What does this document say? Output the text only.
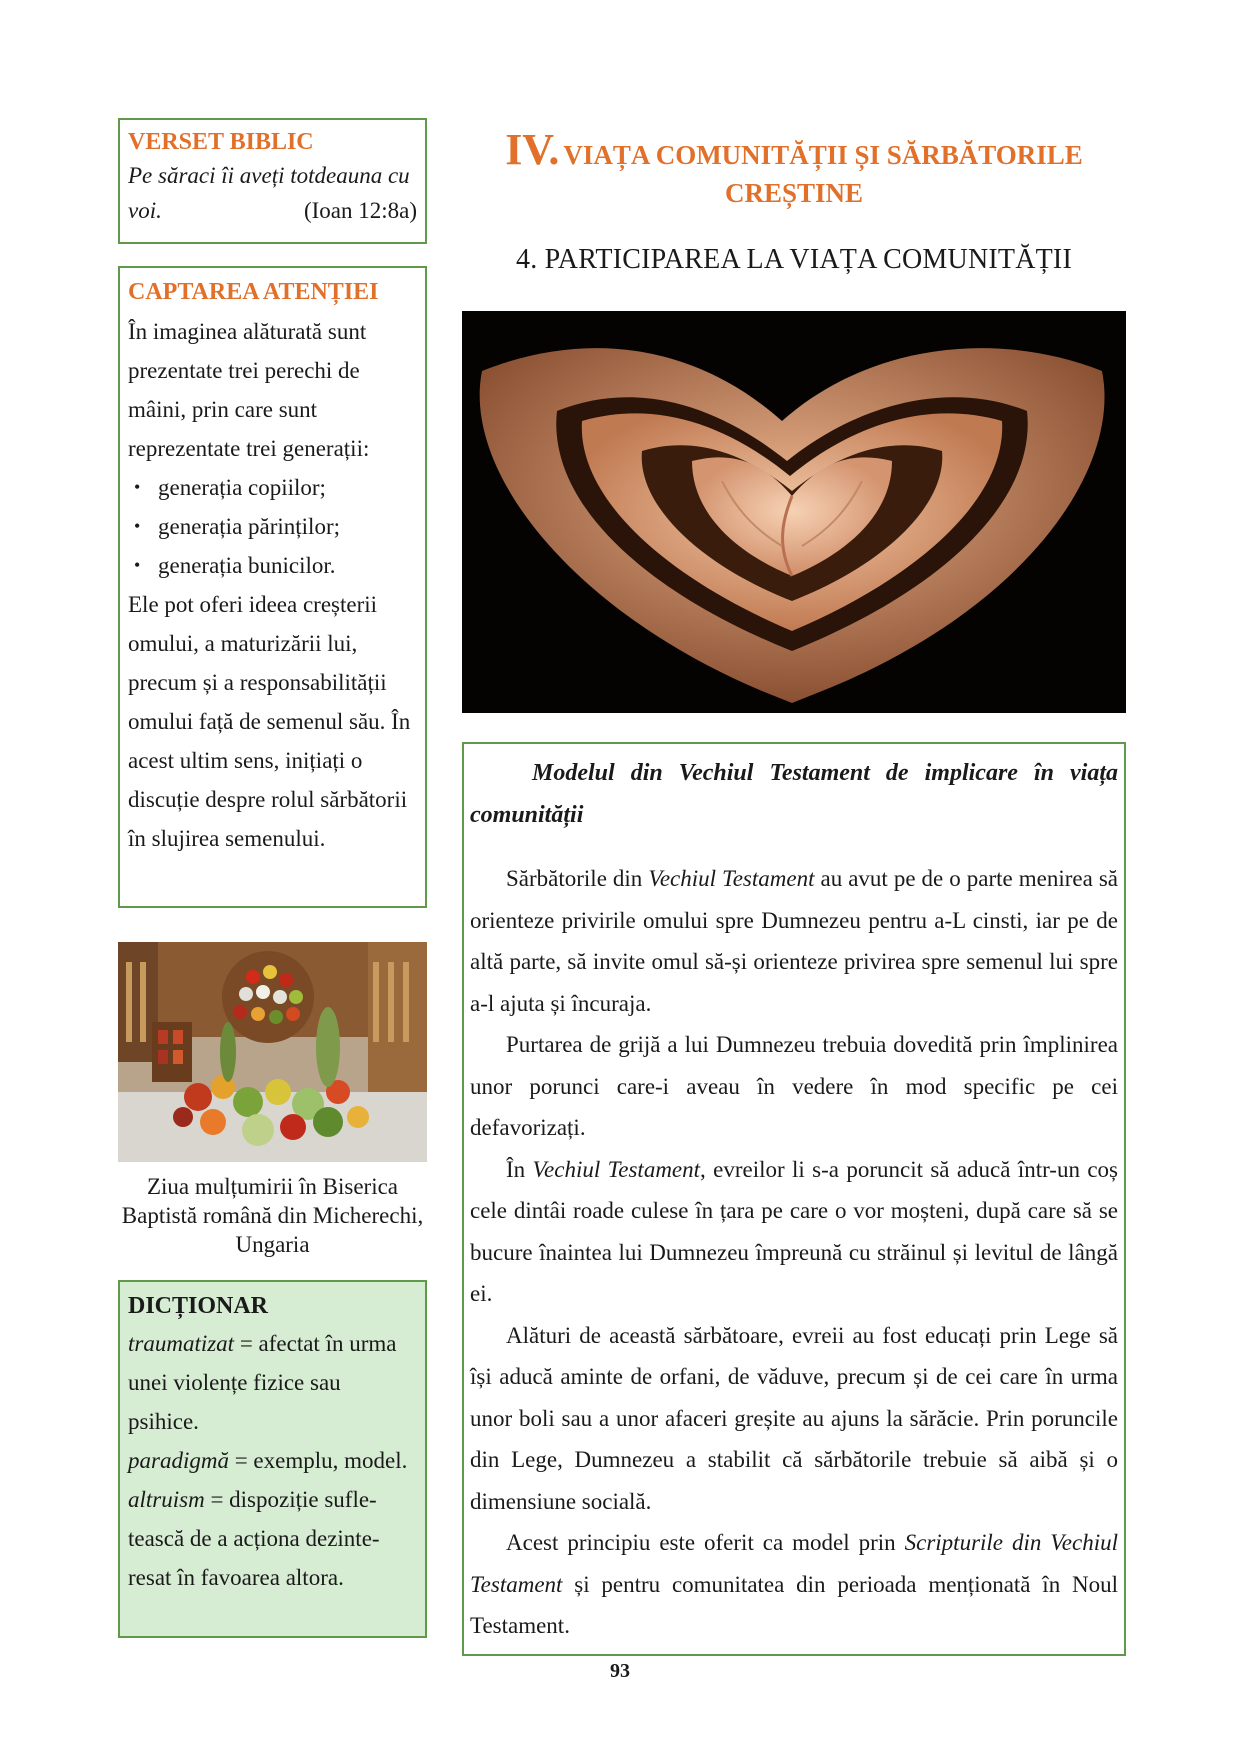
VERSET BIBLIC
Pe săraci îi aveți totdeauna cu voi.	(Ioan 12:8a)
CAPTAREA ATENȚIEI
În imaginea alăturată sunt prezentate trei perechi de mâini, prin care sunt reprezentate trei generații:
• generația copiilor;
• generația părinților;
• generația bunicilor.
Ele pot oferi ideea creșterii omului, a maturizării lui, precum și a responsabilității omului față de semenul său. În acest ultim sens, inițiați o discuție despre rolul sărbătorii în slujirea semenului.
Ziua mulțumirii în Biserica Baptistă română din Micherechi, Ungaria
DICȚIONAR
traumatizat = afectat în urma unei violențe fizice sau psihice.
paradigmă = exemplu, model.
altruism = dispoziție sufle-tească de a acționa dezinte-resat în favoarea altora.
IV. VIAȚA COMUNITĂȚII ȘI SĂRBĂTORILE CREȘTINE
4. PARTICIPAREA LA VIAȚA COMUNITĂȚII
Modelul din Vechiul Testament de implicare în viața comunității

Sărbătorile din Vechiul Testament au avut pe de o parte menirea să orienteze privirile omului spre Dumnezeu pentru a-L cinsti, iar pe de altă parte, să invite omul să-și orienteze privirea spre semenul lui spre a-l ajuta și încuraja.

Purtarea de grijă a lui Dumnezeu trebuia dovedită prin împlinirea unor porunci care-i aveau în vedere în mod specific pe cei defavorizați.

În Vechiul Testament, evreilor li s-a poruncit să aducă într-un coș cele dintâi roade culese în țara pe care o vor moșteni, după care să se bucure înaintea lui Dumnezeu împreună cu străinul și levitul de lângă ei.

Alături de această sărbătoare, evreii au fost educați prin Lege să își aducă aminte de orfani, de văduve, precum și de cei care în urma unor boli sau a unor afaceri greșite au ajuns la sărăcie. Prin poruncile din Lege, Dumnezeu a stabilit că sărbătorile trebuie să aibă și o dimensiune socială.

Acest principiu este oferit ca model prin Scripturile din Vechiul Testament și pentru comunitatea din perioada menționată în Noul Testament.

93
